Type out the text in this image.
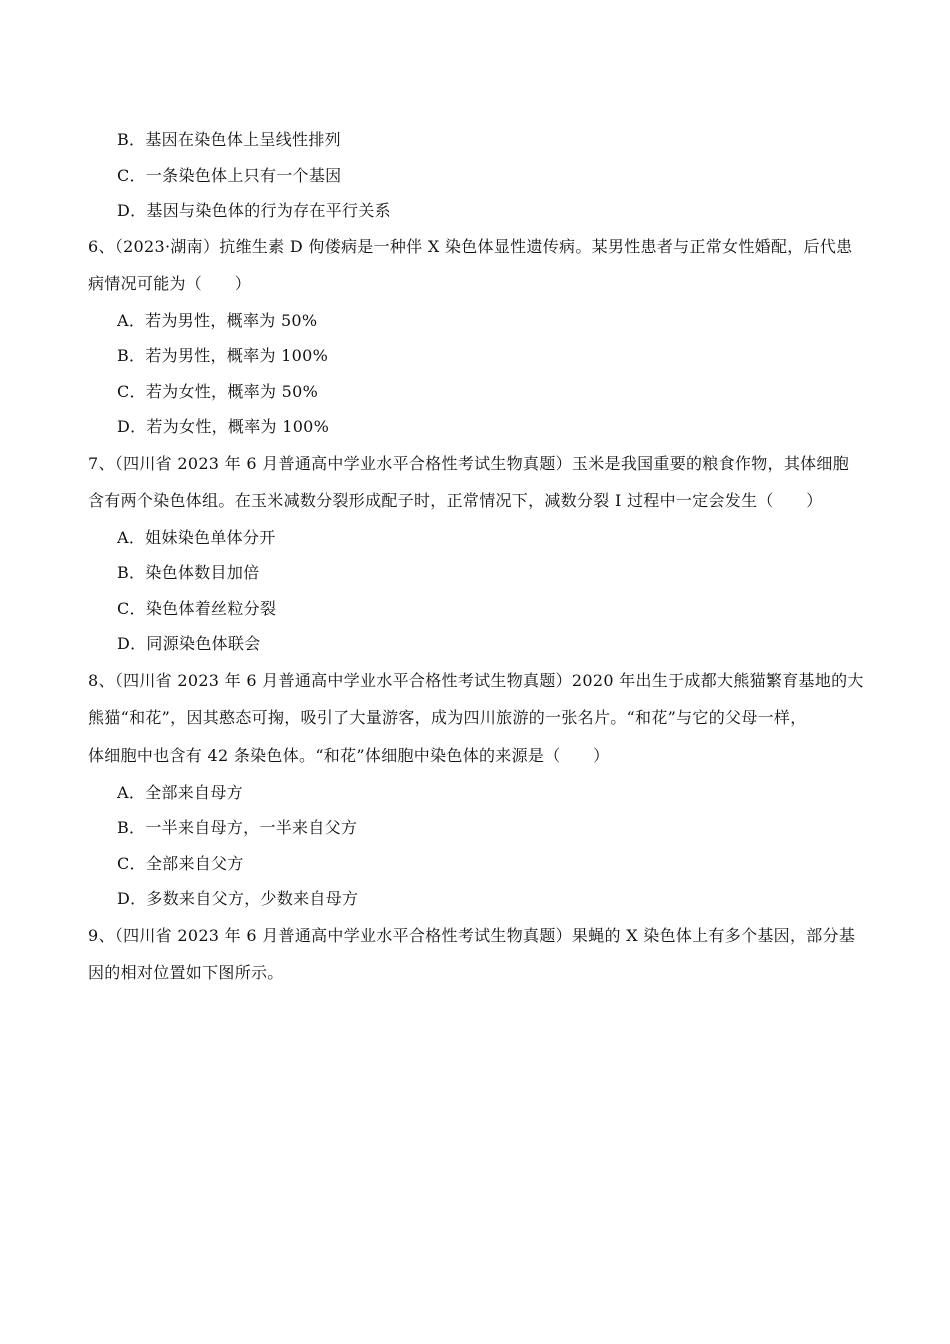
B．基因在染色体上呈线性排列
C．一条染色体上只有一个基因
D．基因与染色体的行为存在平行关系
6、（2023·湖南）抗维生素 D 佝偻病是一种伴 X 染色体显性遗传病。某男性患者与正常女性婚配，后代患
病情况可能为（　　）
A．若为男性，概率为 50%
B．若为男性，概率为 100%
C．若为女性，概率为 50%
D．若为女性，概率为 100%
7、（四川省 2023 年 6 月普通高中学业水平合格性考试生物真题）玉米是我国重要的粮食作物，其体细胞
含有两个染色体组。在玉米减数分裂形成配子时，正常情况下，减数分裂 I 过程中一定会发生（　　）
A．姐妹染色单体分开
B．染色体数目加倍
C．染色体着丝粒分裂
D．同源染色体联会
8、（四川省 2023 年 6 月普通高中学业水平合格性考试生物真题）2020 年出生于成都大熊猫繁育基地的大
熊猫“和花”，因其憨态可掬，吸引了大量游客，成为四川旅游的一张名片。“和花”与它的父母一样，
体细胞中也含有 42 条染色体。“和花”体细胞中染色体的来源是（　　）
A．全部来自母方
B．一半来自母方，一半来自父方
C．全部来自父方
D．多数来自父方，少数来自母方
9、（四川省 2023 年 6 月普通高中学业水平合格性考试生物真题）果蝇的 X 染色体上有多个基因，部分基
因的相对位置如下图所示。
